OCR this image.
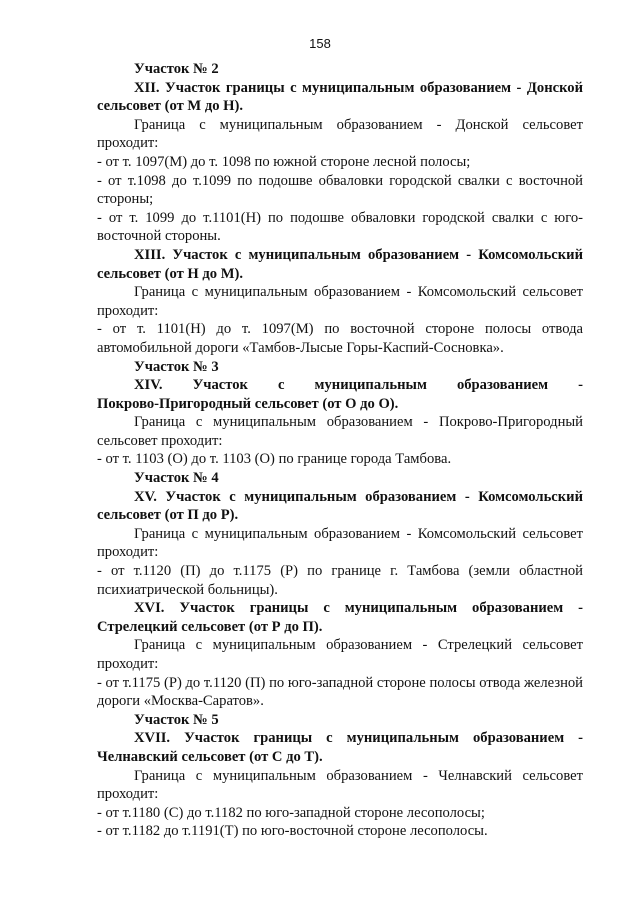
158

Участок № 2

XII. Участок границы с муниципальным образованием - Донской

сельсовет (от М до Н).

Граница с муниципальным образованием - Донской сельсовет проходит:

- от т. 1097(М) до т. 1098 по южной стороне лесной полосы;

- от т.1098 до т.1099 по подошве обваловки городской свалки с восточной стороны;

- от т. 1099 до т.1101(Н) по подошве обваловки городской свалки с юго-восточной стороны.

XIII. Участок с муниципальным образованием - Комсомольский

сельсовет (от Н до М).

Граница с муниципальным образованием - Комсомольский сельсовет проходит:

- от т. 1101(Н) до т. 1097(М) по восточной стороне полосы отвода автомобильной дороги «Тамбов-Лысые Горы-Каспий-Сосновка».

Участок № 3

XIV. Участок с муниципальным образованием -

Покрово-Пригородный сельсовет (от О до О).

Граница с муниципальным образованием - Покрово-Пригородный сельсовет проходит:

- от т. 1103 (О) до т. 1103 (О) по границе города Тамбова.

Участок № 4

XV. Участок с муниципальным образованием - Комсомольский

сельсовет (от П до Р).

Граница с муниципальным образованием - Комсомольский сельсовет проходит:

- от т.1120 (П) до т.1175 (Р) по границе г. Тамбова (земли областной психиатрической больницы).

XVI. Участок границы с муниципальным образованием -

Стрелецкий сельсовет (от Р до П).

Граница с муниципальным образованием - Стрелецкий сельсовет проходит:

- от т.1175 (Р) до т.1120 (П) по юго-западной стороне полосы отвода железной дороги «Москва-Саратов».

Участок № 5

XVII. Участок границы с муниципальным образованием -

Челнавский сельсовет (от С до Т).

Граница с муниципальным образованием - Челнавский сельсовет проходит:

- от т.1180 (С) до т.1182 по юго-западной стороне лесополосы;

- от т.1182 до т.1191(Т) по юго-восточной стороне лесополосы.
